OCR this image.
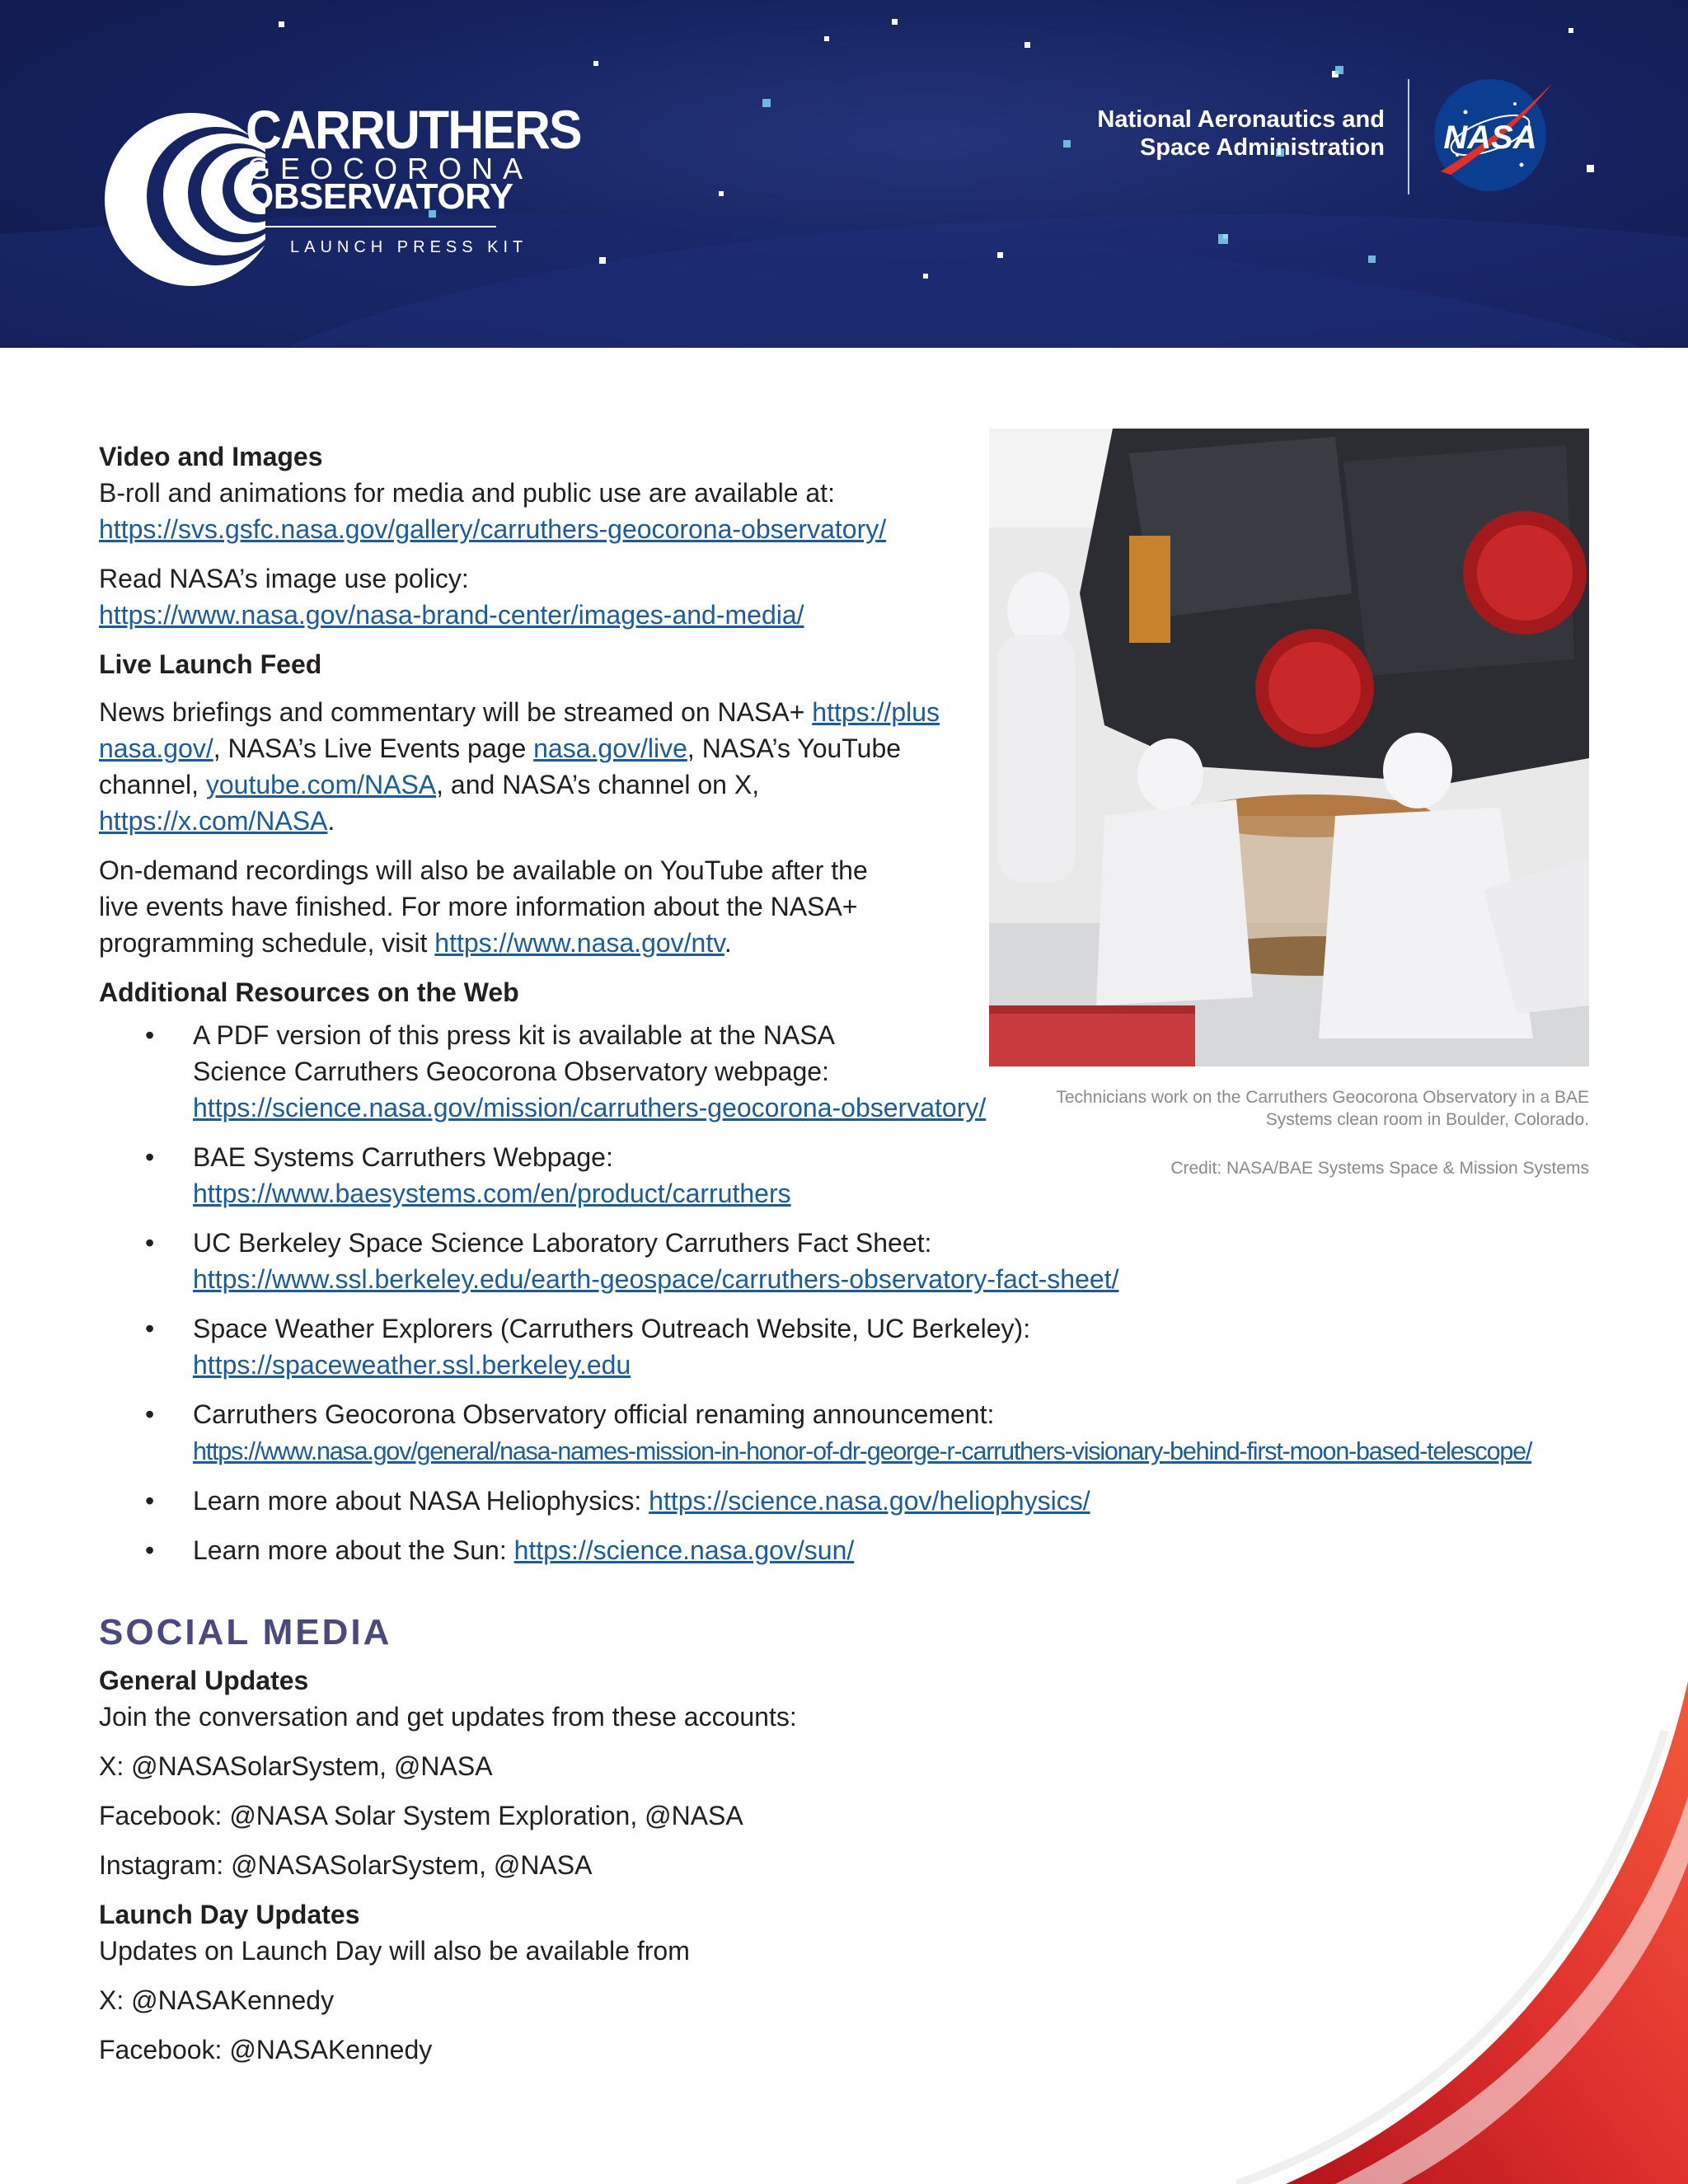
CARRUTHERS
GEOCORONA
OBSERVATORY
LAUNCH PRESS KIT
National Aeronautics and
Space Administration NASA
Technicians work on the Carruthers Geocorona Observatory in a BAE
Systems clean room in Boulder, Colorado.
Credit: NASA/BAE Systems Space & Mission Systems

Video and Images

B-roll and animations for media and public use are available at:

https://svs.gsfc.nasa.gov/gallery/carruthers-geocorona-observatory/

Read NASA’s image use policy:

https://www.nasa.gov/nasa-brand-center/images-and-media/

Live Launch Feed

News briefings and commentary will be streamed on NASA+ https://plus
nasa.gov/, NASA’s Live Events page nasa.gov/live, NASA’s YouTube
channel, youtube.com/NASA, and NASA’s channel on X,
https://x.com/NASA.

On-demand recordings will also be available on YouTube after the
live events have finished. For more information about the NASA+
programming schedule, visit https://www.nasa.gov/ntv.

Additional Resources on the Web

• A PDF version of this press kit is available at the NASA
Science Carruthers Geocorona Observatory webpage:
https://science.nasa.gov/mission/carruthers-geocorona-observatory/
• BAE Systems Carruthers Webpage:
https://www.baesystems.com/en/product/carruthers
• UC Berkeley Space Science Laboratory Carruthers Fact Sheet:
https://www.ssl.berkeley.edu/earth-geospace/carruthers-observatory-fact-sheet/
• Space Weather Explorers (Carruthers Outreach Website, UC Berkeley):
https://spaceweather.ssl.berkeley.edu
• Carruthers Geocorona Observatory official renaming announcement:
https://www.nasa.gov/general/nasa-names-mission-in-honor-of-dr-george-r-carruthers-visionary-behind-first-moon-based-telescope/
• Learn more about NASA Heliophysics: https://science.nasa.gov/heliophysics/
• Learn more about the Sun: https://science.nasa.gov/sun/

SOCIAL MEDIA

General Updates

Join the conversation and get updates from these accounts:

X: @NASASolarSystem, @NASA

Facebook: @NASA Solar System Exploration, @NASA

Instagram: @NASASolarSystem, @NASA

Launch Day Updates

Updates on Launch Day will also be available from

X: @NASAKennedy

Facebook: @NASAKennedy
